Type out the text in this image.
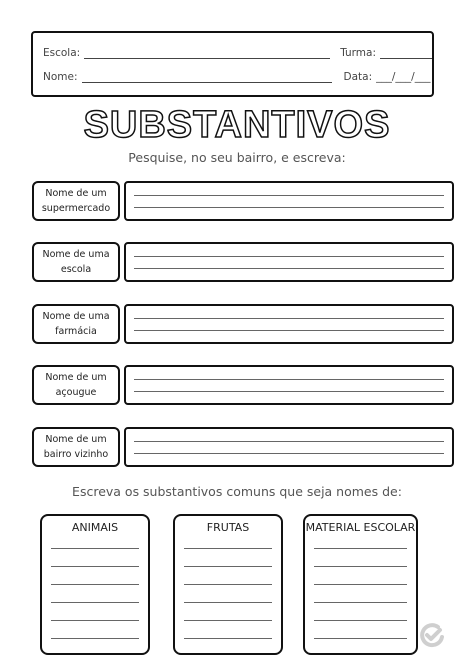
Escola:	Turma:
Nome:	Data: ___/___/___
SUBSTANTIVOS
Pesquise, no seu bairro, e escreva:
Nome de um
supermercado
Nome de uma
escola
Nome de uma
farmácia
Nome de um
açougue
Nome de um
bairro vizinho
Escreva os substantivos comuns que seja nomes de:
ANIMAIS	FRUTAS	MATERIAL ESCOLAR
